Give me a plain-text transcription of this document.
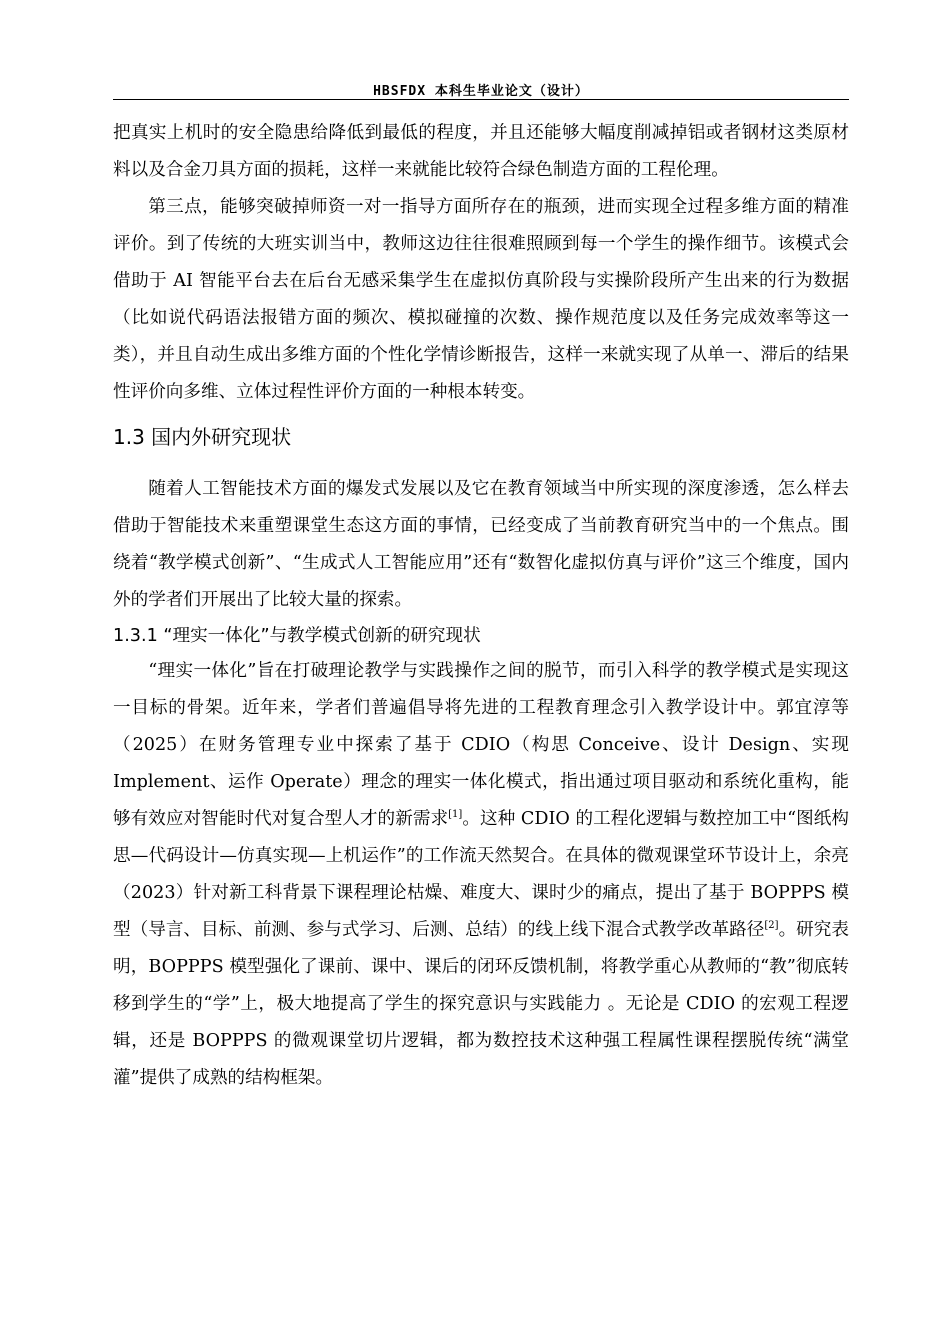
HBSFDX 本科生毕业论文（设计）

把真实上机时的安全隐患给降低到最低的程度，并且还能够大幅度削减掉铝或者钢材这类原材料以及合金刀具方面的损耗，这样一来就能比较符合绿色制造方面的工程伦理。

第三点，能够突破掉师资一对一指导方面所存在的瓶颈，进而实现全过程多维方面的精准评价。到了传统的大班实训当中，教师这边往往很难照顾到每一个学生的操作细节。该模式会借助于 AI 智能平台去在后台无感采集学生在虚拟仿真阶段与实操阶段所产生出来的行为数据（比如说代码语法报错方面的频次、模拟碰撞的次数、操作规范度以及任务完成效率等这一类），并且自动生成出多维方面的个性化学情诊断报告，这样一来就实现了从单一、滞后的结果性评价向多维、立体过程性评价方面的一种根本转变。

1.3 国内外研究现状

随着人工智能技术方面的爆发式发展以及它在教育领域当中所实现的深度渗透，怎么样去借助于智能技术来重塑课堂生态这方面的事情，已经变成了当前教育研究当中的一个焦点。围绕着“教学模式创新”、“生成式人工智能应用”还有“数智化虚拟仿真与评价”这三个维度，国内外的学者们开展出了比较大量的探索。

1.3.1 “理实一体化”与教学模式创新的研究现状

“理实一体化”旨在打破理论教学与实践操作之间的脱节，而引入科学的教学模式是实现这一目标的骨架。近年来，学者们普遍倡导将先进的工程教育理念引入教学设计中。郭宜淳等（2025）在财务管理专业中探索了基于 CDIO（构思 Conceive、设计 Design、实现 Implement、运作 Operate）理念的理实一体化模式，指出通过项目驱动和系统化重构，能够有效应对智能时代对复合型人才的新需求[1]。这种 CDIO 的工程化逻辑与数控加工中“图纸构思—代码设计—仿真实现—上机运作”的工作流天然契合。在具体的微观课堂环节设计上，余亮（2023）针对新工科背景下课程理论枯燥、难度大、课时少的痛点，提出了基于 BOPPPS 模型（导言、目标、前测、参与式学习、后测、总结）的线上线下混合式教学改革路径[2]。研究表明，BOPPPS 模型强化了课前、课中、课后的闭环反馈机制，将教学重心从教师的“教”彻底转移到学生的“学”上，极大地提高了学生的探究意识与实践能力 。无论是 CDIO 的宏观工程逻辑，还是 BOPPPS 的微观课堂切片逻辑，都为数控技术这种强工程属性课程摆脱传统“满堂灌”提供了成熟的结构框架。
